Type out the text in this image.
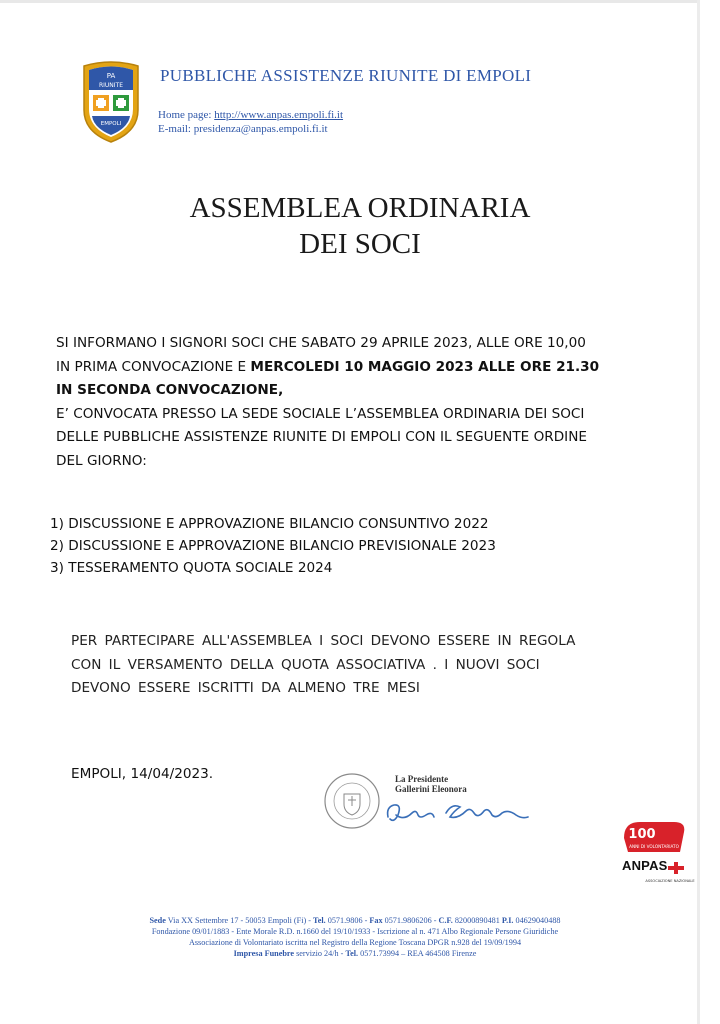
PA
RIUNITE
EMPOLI
PUBBLICHE ASSISTENZE RIUNITE DI EMPOLI
Home page: http://www.anpas.empoli.fi.it
E-mail: presidenza@anpas.empoli.fi.it
ASSEMBLEA ORDINARIA
DEI SOCI
SI INFORMANO I SIGNORI SOCI CHE SABATO 29 APRILE 2023, ALLE ORE 10,00
IN PRIMA CONVOCAZIONE E MERCOLEDI 10 MAGGIO 2023 ALLE ORE 21.30
IN SECONDA CONVOCAZIONE,
E’ CONVOCATA PRESSO LA SEDE SOCIALE L’ASSEMBLEA ORDINARIA DEI SOCI
DELLE PUBBLICHE ASSISTENZE RIUNITE DI EMPOLI CON IL SEGUENTE ORDINE
DEL GIORNO:
1) DISCUSSIONE E APPROVAZIONE BILANCIO CONSUNTIVO 2022
2) DISCUSSIONE E APPROVAZIONE BILANCIO PREVISIONALE 2023
3) TESSERAMENTO QUOTA SOCIALE 2024
PER PARTECIPARE ALL'ASSEMBLEA I SOCI DEVONO ESSERE IN REGOLA
CON IL VERSAMENTO DELLA QUOTA ASSOCIATIVA . I NUOVI SOCI
DEVONO ESSERE ISCRITTI DA ALMENO TRE MESI
EMPOLI, 14/04/2023.	La Presidente
Gallerini Eleonora
100
ANNI DI VOLONTARIATO
ASSOCIAZIONE NAZIONALE
ANPAS
Sede Via XX Settembre 17 - 50053 Empoli (Fi) - Tel. 0571.9806 - Fax 0571.9806206 - C.F. 82000890481 P.I. 04629040488
Fondazione 09/01/1883 - Ente Morale R.D. n.1660 del 19/10/1933 - Iscrizione al n. 471 Albo Regionale Persone Giuridiche
Associazione di Volontariato iscritta nel Registro della Regione Toscana DPGR n.928 del 19/09/1994
Impresa Funebre servizio 24/h - Tel. 0571.73994 – REA 464508 Firenze
